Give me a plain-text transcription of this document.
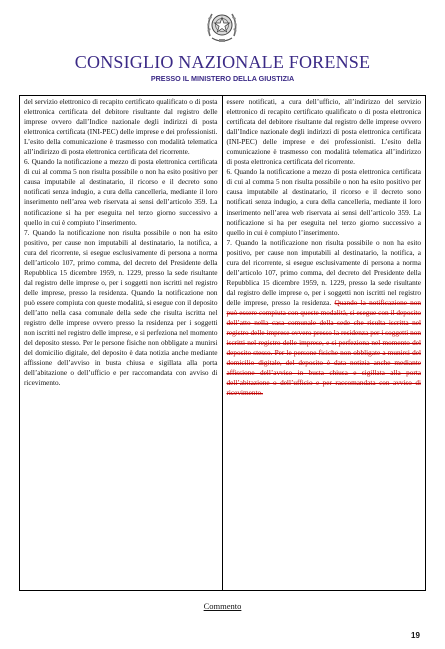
CONSIGLIO NAZIONALE FORENSE
PRESSO IL MINISTERO DELLA GIUSTIZIA

del servizio elettronico di recapito certificato qualificato o di posta elettronica certificata del debitore risultante dal registro delle imprese ovvero dall’Indice nazionale degli indirizzi di posta elettronica certificata (INI-PEC) delle imprese e dei professionisti. L’esito della comunicazione è trasmesso con modalità telematica all’indirizzo di posta elettronica certificata del ricorrente.

6. Quando la notificazione a mezzo di posta elettronica certificata di cui al comma 5 non risulta possibile o non ha esito positivo per causa imputabile al destinatario, il ricorso e il decreto sono notificati senza indugio, a cura della cancelleria, mediante il loro inserimento nell’area web riservata ai sensi dell’articolo 359. La notificazione si ha per eseguita nel terzo giorno successivo a quello in cui è compiuto l’inserimento.

7. Quando la notificazione non risulta possibile o non ha esito positivo, per cause non imputabili al destinatario, la notifica, a cura del ricorrente, si esegue esclusivamente di persona a norma dell’articolo 107, primo comma, del decreto del Presidente della Repubblica 15 dicembre 1959, n. 1229, presso la sede risultante dal registro delle imprese o, per i soggetti non iscritti nel registro delle imprese, presso la residenza. Quando la notificazione non può essere compiuta con queste modalità, si esegue con il deposito dell’atto nella casa comunale della sede che risulta iscritta nel registro delle imprese ovvero presso la residenza per i soggetti non iscritti nel registro delle imprese, e si perfeziona nel momento del deposito stesso. Per le persone fisiche non obbligate a munirsi del domicilio digitale, del deposito è data notizia anche mediante affissione dell’avviso in busta chiusa e sigillata alla porta dell’abitazione o dell’ufficio e per raccomandata con avviso di ricevimento.

essere notificati, a cura dell’ufficio, all’indirizzo del servizio elettronico di recapito certificato qualificato o di posta elettronica certificata del debitore risultante dal registro delle imprese ovvero dall’Indice nazionale degli indirizzi di posta elettronica certificata (INI-PEC) delle imprese e dei professionisti. L’esito della comunicazione è trasmesso con modalità telematica all’indirizzo di posta elettronica certificata del ricorrente.

6. Quando la notificazione a mezzo di posta elettronica certificata di cui al comma 5 non risulta possibile o non ha esito positivo per causa imputabile al destinatario, il ricorso e il decreto sono notificati senza indugio, a cura della cancelleria, mediante il loro inserimento nell’area web riservata ai sensi dell’articolo 359. La notificazione si ha per eseguita nel terzo giorno successivo a quello in cui è compiuto l’inserimento.

7. Quando la notificazione non risulta possibile o non ha esito positivo, per cause non imputabili al destinatario, la notifica, a cura del ricorrente, si esegue esclusivamente di persona a norma dell’articolo 107, primo comma, del decreto del Presidente della Repubblica 15 dicembre 1959, n. 1229, presso la sede risultante dal registro delle imprese o, per i soggetti non iscritti nel registro delle imprese, presso la residenza. Quando la notificazione non può essere compiuta con queste modalità, si esegue con il deposito dell’atto nella casa comunale della sede che risulta iscritta nel registro delle imprese ovvero presso la residenza per i soggetti non iscritti nel registro delle imprese, e si perfeziona nel momento del deposito stesso. Per le persone fisiche non obbligate a munirsi del domicilio digitale, del deposito è data notizia anche mediante affissione dell’avviso in busta chiusa e sigillata alla porta dell’abitazione o dell’ufficio e per raccomandata con avviso di ricevimento.

Commento
19
